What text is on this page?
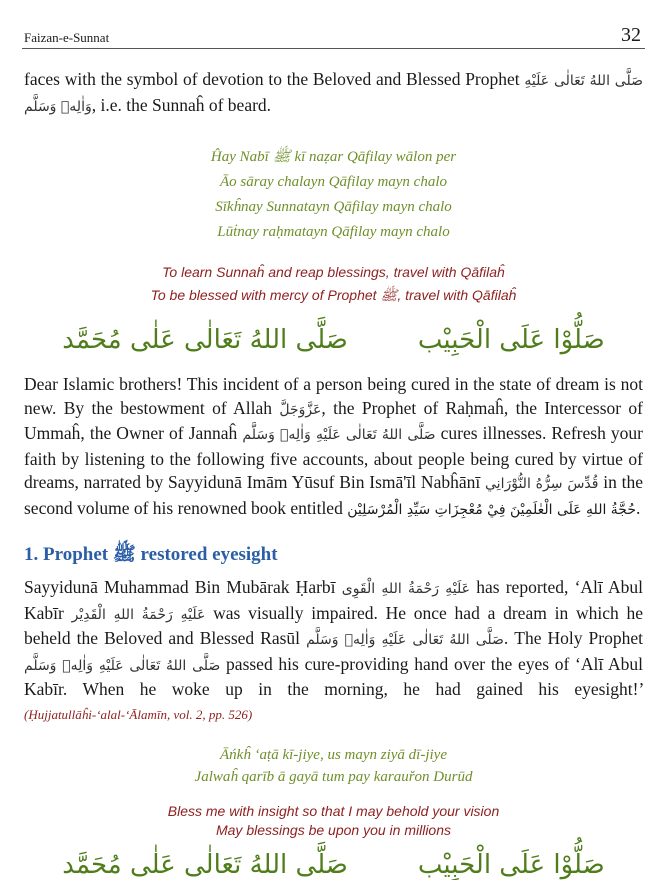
Faizan-e-Sunnat	32

faces with the symbol of devotion to the Beloved and Blessed Prophet صَلَّى اللهُ تَعَالٰى عَلَيْهِ وَاٰلِهٖ وَسَلَّم, i.e. the Sunnaĥ of beard.

Ĥay Nabī ﷺ kī naẓar Qāfilay wālon per
Āo sāray chalayn Qāfilay mayn chalo
Sīkĥnay Sunnatayn Qāfilay mayn chalo
Lūṫnay raḥmatayn Qāfilay mayn chalo
To learn Sunnaĥ and reap blessings, travel with Qāfilaĥ
To be blessed with mercy of Prophet ﷺ, travel with Qāfilaĥ
صَلَّى اللهُ تَعَالٰى عَلٰى مُحَمَّد	صَلُّوْا عَلَى الْحَبِيْب

Dear Islamic brothers! This incident of a person being cured in the state of dream is not new. By the bestowment of Allah عَزَّوَجَلَّ, the Prophet of Raḥmaĥ, the Intercessor of Ummaĥ, the Owner of Jannaĥ صَلَّى اللهُ تَعَالٰى عَلَيْهِ وَاٰلِهٖ وَسَلَّم cures illnesses. Refresh your faith by listening to the following five accounts, about people being cured by virtue of dreams, narrated by Sayyidunā Imām Yūsuf Bin Ismā'īl Nabĥānī قُدِّسَ سِرُّهُ النُّوْرَانِي in the second volume of his renowned book entitled حُجَّةُ اللهِ عَلَى الْعٰلَمِيْنَ فِيْ مُعْجِزَاتِ سَيِّدِ الْمُرْسَلِيْن.

1. Prophet ﷺ restored eyesight

Sayyidunā Muhammad Bin Mubārak Ḥarbī عَلَيْهِ رَحْمَةُ اللهِ الْقَوِی has reported, ‘Alī Abul Kabīr عَلَيْهِ رَحْمَةُ اللهِ الْقَدِيْر was visually impaired. He once had a dream in which he beheld the Beloved and Blessed Rasūl صَلَّى اللهُ تَعَالٰى عَلَيْهِ وَاٰلِهٖ وَسَلَّم. The Holy Prophet صَلَّى اللهُ تَعَالٰى عَلَيْهِ وَاٰلِهٖ وَسَلَّم passed his cure-providing hand over the eyes of ‘Alī Abul Kabīr. When he woke up in the morning, he had gained his eyesight!’ (Ḥujjatullāĥi-‘alal-‘Ālamīn, vol. 2, pp. 526)

Āńkĥ ‘aṭā kī-jiye, us mayn ziyā dī-jiye
Jalwaĥ qarīb ā gayā tum pay karauřon Durūd
Bless me with insight so that I may behold your vision
May blessings be upon you in millions
صَلَّى اللهُ تَعَالٰى عَلٰى مُحَمَّد	صَلُّوْا عَلَى الْحَبِيْب
